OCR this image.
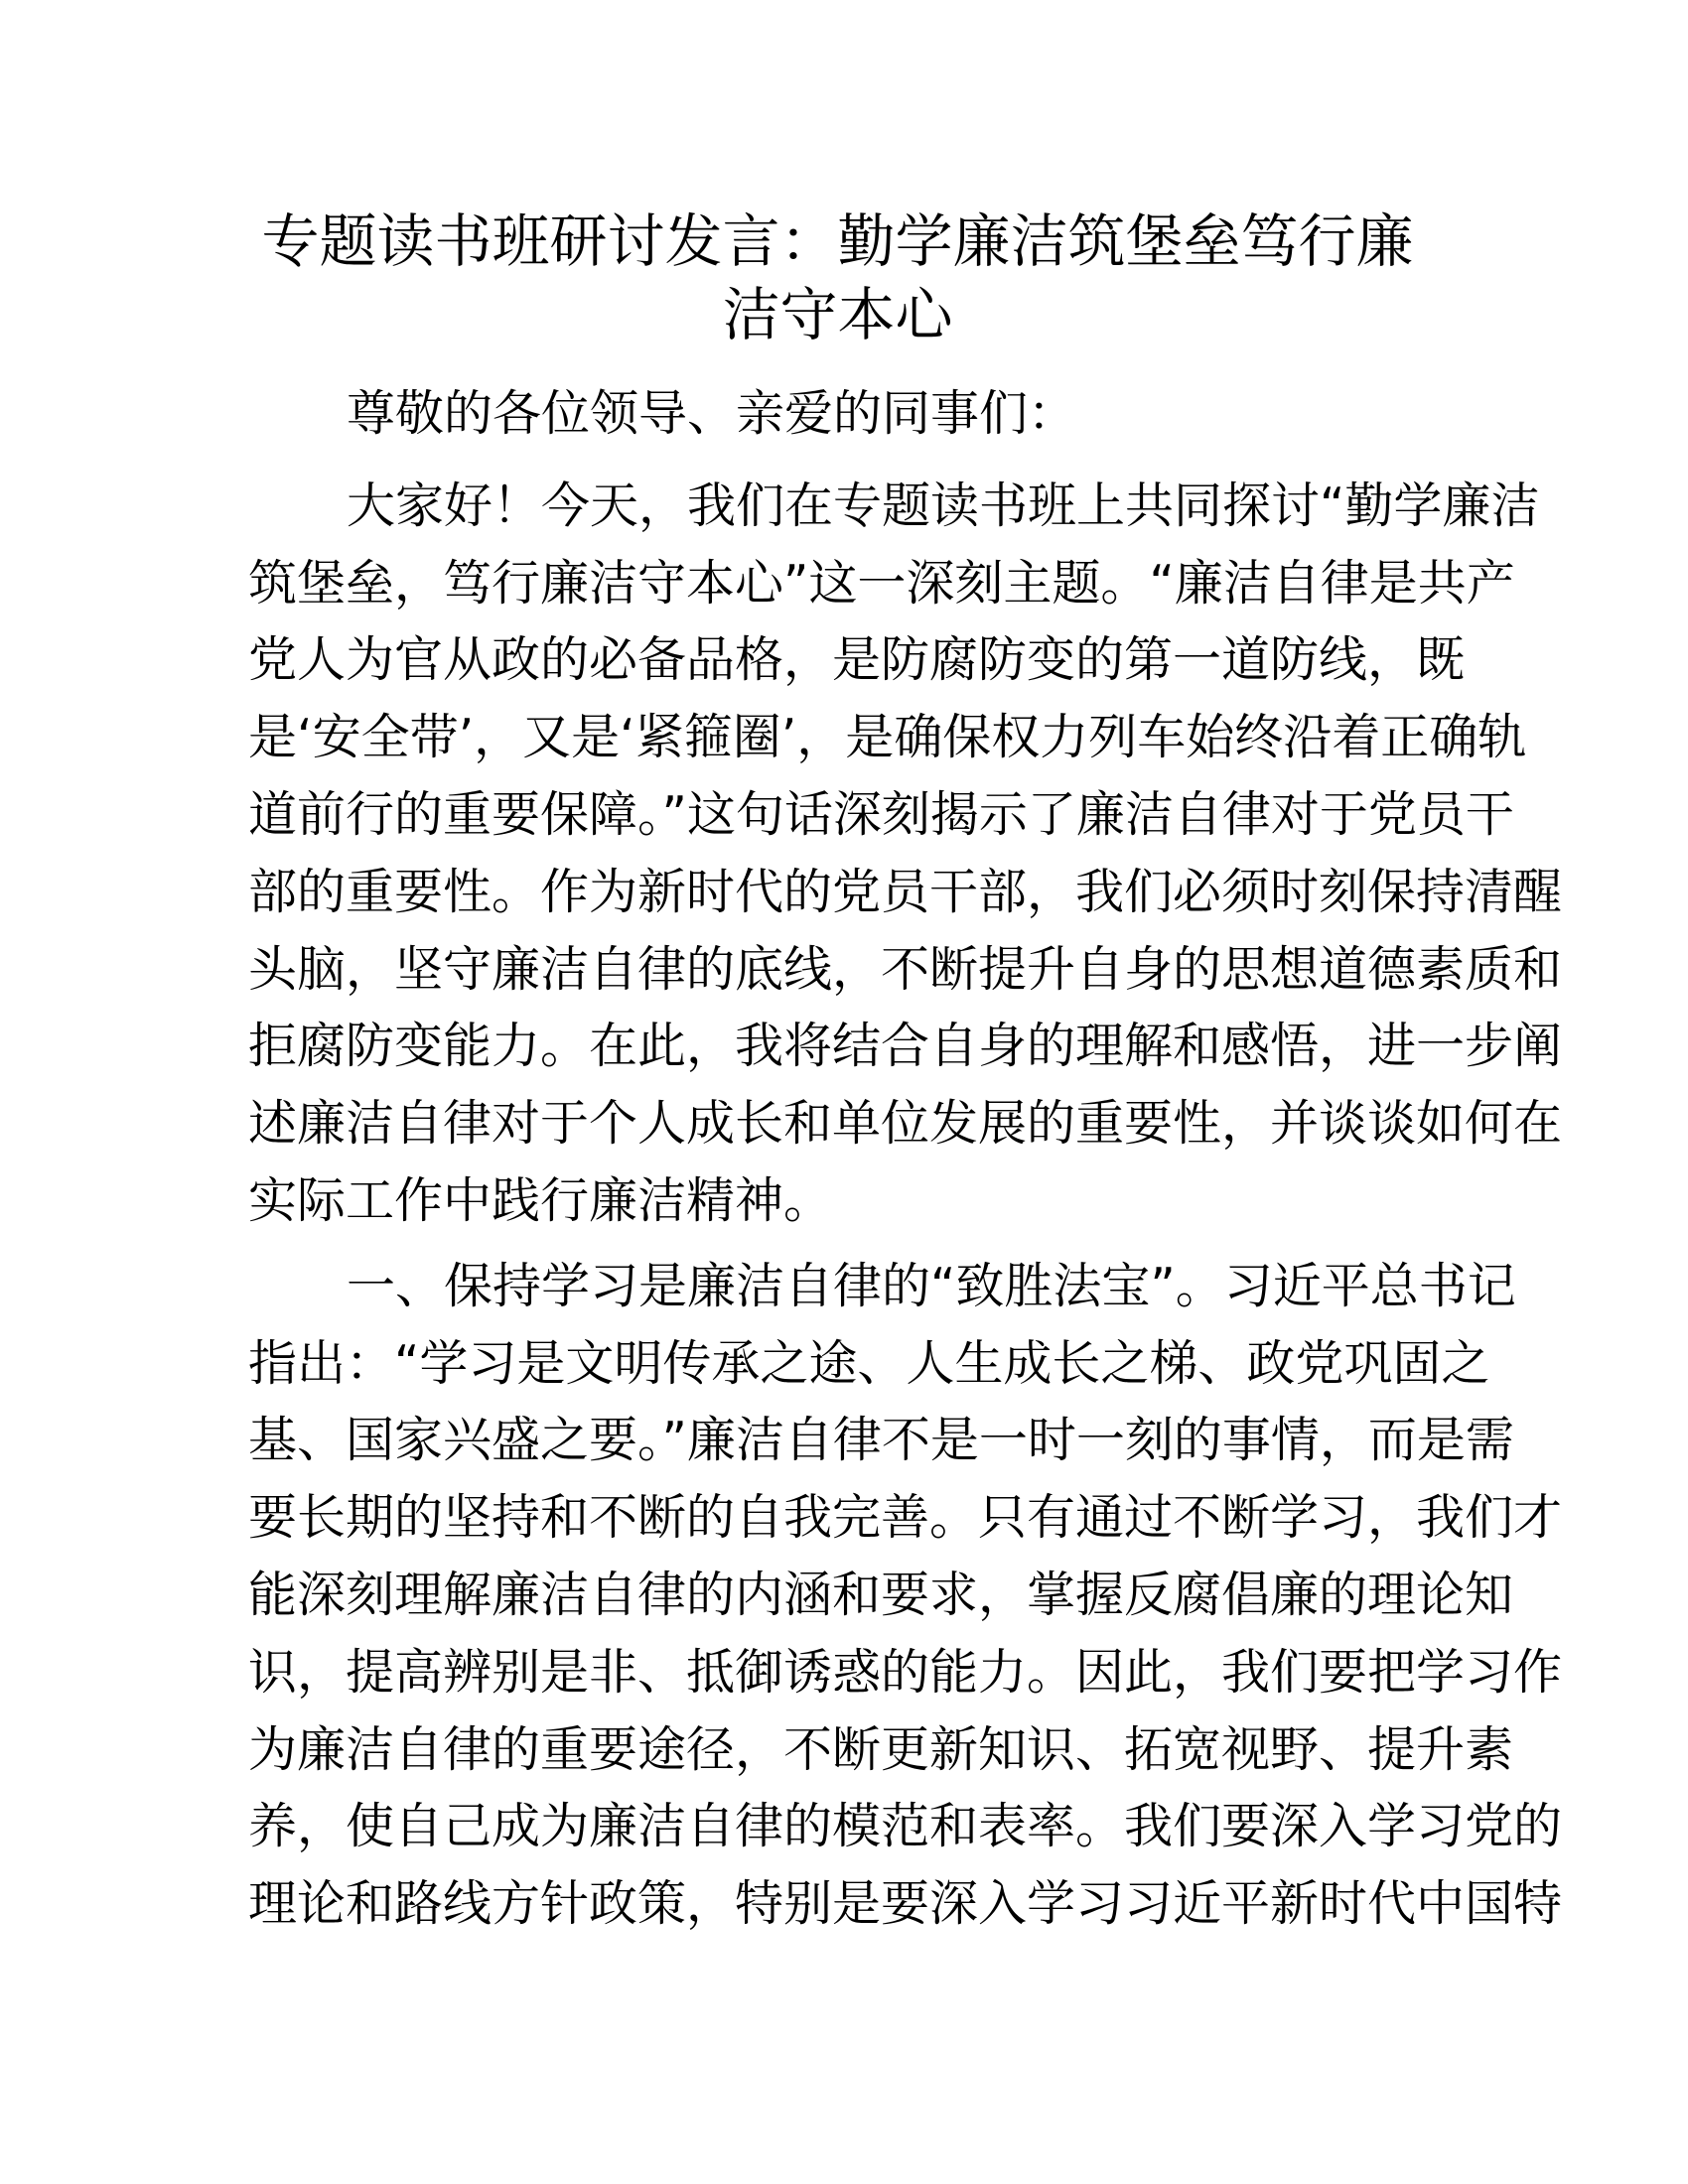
专题读书班研讨发言：勤学廉洁筑堡垒笃行廉
洁守本心
尊敬的各位领导、亲爱的同事们：
大家好！今天，我们在专题读书班上共同探讨“勤学廉洁
筑堡垒，笃行廉洁守本心”这一深刻主题。“廉洁自律是共产
党人为官从政的必备品格，是防腐防变的第一道防线，既
是‘安全带’，又是‘紧箍圈’，是确保权力列车始终沿着正确轨
道前行的重要保障。”这句话深刻揭示了廉洁自律对于党员干
部的重要性。作为新时代的党员干部，我们必须时刻保持清醒
头脑，坚守廉洁自律的底线，不断提升自身的思想道德素质和
拒腐防变能力。在此，我将结合自身的理解和感悟，进一步阐
述廉洁自律对于个人成长和单位发展的重要性，并谈谈如何在
实际工作中践行廉洁精神。
一、保持学习是廉洁自律的“致胜法宝”。习近平总书记
指出：“学习是文明传承之途、人生成长之梯、政党巩固之
基、国家兴盛之要。”廉洁自律不是一时一刻的事情，而是需
要长期的坚持和不断的自我完善。只有通过不断学习，我们才
能深刻理解廉洁自律的内涵和要求，掌握反腐倡廉的理论知
识，提高辨别是非、抵御诱惑的能力。因此，我们要把学习作
为廉洁自律的重要途径，不断更新知识、拓宽视野、提升素
养，使自己成为廉洁自律的模范和表率。我们要深入学习党的
理论和路线方针政策，特别是要深入学习习近平新时代中国特
